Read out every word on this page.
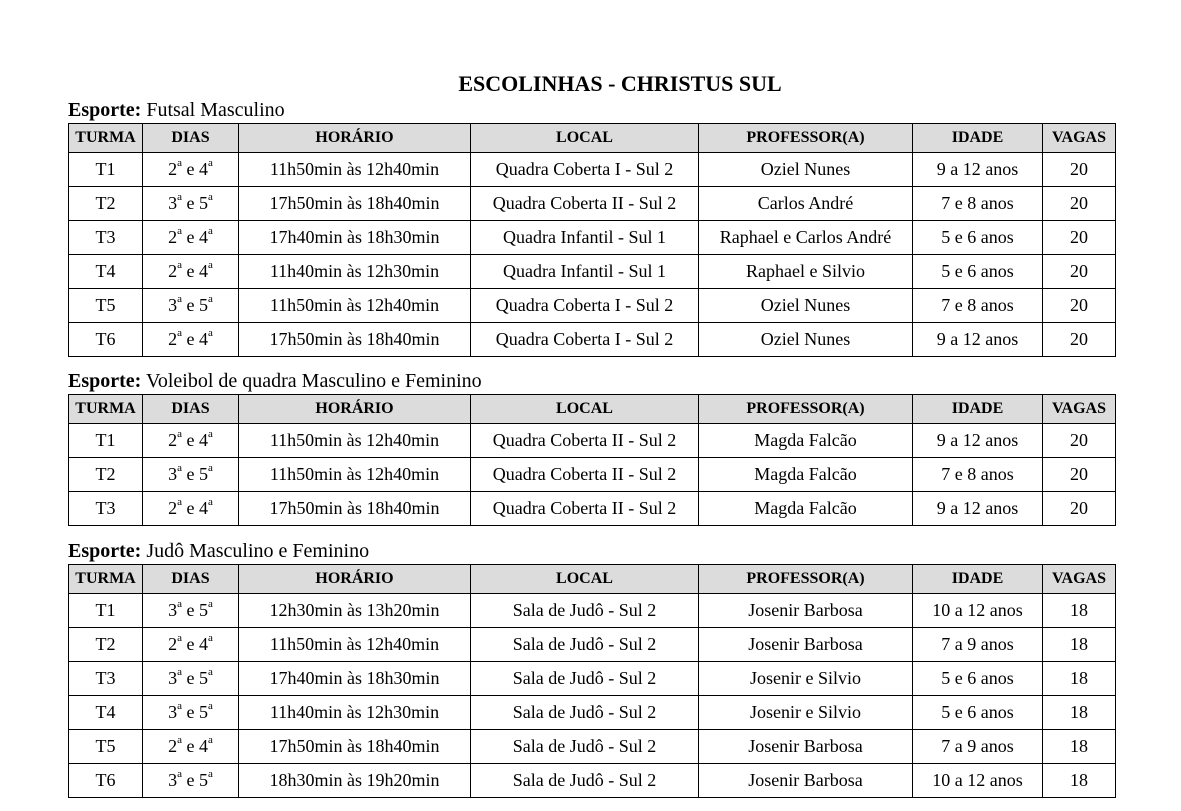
ESCOLINHAS - CHRISTUS SUL
Esporte: Futsal Masculino
TURMA	DIAS	HORÁRIO	LOCAL	PROFESSOR(A)	IDADE	VAGAS
T1	2$^a$ e 4$^a$	11h50min às 12h40min	Quadra Coberta I - Sul 2	Oziel Nunes	9 a 12 anos	20
T2	3$^a$ e 5$^a$	17h50min às 18h40min	Quadra Coberta II - Sul 2	Carlos André	7 e 8 anos	20
T3	2$^a$ e 4$^a$	17h40min às 18h30min	Quadra Infantil - Sul 1	Raphael e Carlos André	5 e 6 anos	20
T4	2$^a$ e 4$^a$	11h40min às 12h30min	Quadra Infantil - Sul 1	Raphael e Silvio	5 e 6 anos	20
T5	3$^a$ e 5$^a$	11h50min às 12h40min	Quadra Coberta I - Sul 2	Oziel Nunes	7 e 8 anos	20
T6	2$^a$ e 4$^a$	17h50min às 18h40min	Quadra Coberta I - Sul 2	Oziel Nunes	9 a 12 anos	20
Esporte: Voleibol de quadra Masculino e Feminino
TURMA	DIAS	HORÁRIO	LOCAL	PROFESSOR(A)	IDADE	VAGAS
T1	2$^a$ e 4$^a$	11h50min às 12h40min	Quadra Coberta II - Sul 2	Magda Falcão	9 a 12 anos	20
T2	3$^a$ e 5$^a$	11h50min às 12h40min	Quadra Coberta II - Sul 2	Magda Falcão	7 e 8 anos	20
T3	2$^a$ e 4$^a$	17h50min às 18h40min	Quadra Coberta II - Sul 2	Magda Falcão	9 a 12 anos	20
Esporte: Judô Masculino e Feminino
TURMA	DIAS	HORÁRIO	LOCAL	PROFESSOR(A)	IDADE	VAGAS
T1	3$^a$ e 5$^a$	12h30min às 13h20min	Sala de Judô - Sul 2	Josenir Barbosa	10 a 12 anos	18
T2	2$^a$ e 4$^a$	11h50min às 12h40min	Sala de Judô - Sul 2	Josenir Barbosa	7 a 9 anos	18
T3	3$^a$ e 5$^a$	17h40min às 18h30min	Sala de Judô - Sul 2	Josenir e Silvio	5 e 6 anos	18
T4	3$^a$ e 5$^a$	11h40min às 12h30min	Sala de Judô - Sul 2	Josenir e Silvio	5 e 6 anos	18
T5	2$^a$ e 4$^a$	17h50min às 18h40min	Sala de Judô - Sul 2	Josenir Barbosa	7 a 9 anos	18
T6	3$^a$ e 5$^a$	18h30min às 19h20min	Sala de Judô - Sul 2	Josenir Barbosa	10 a 12 anos	18
